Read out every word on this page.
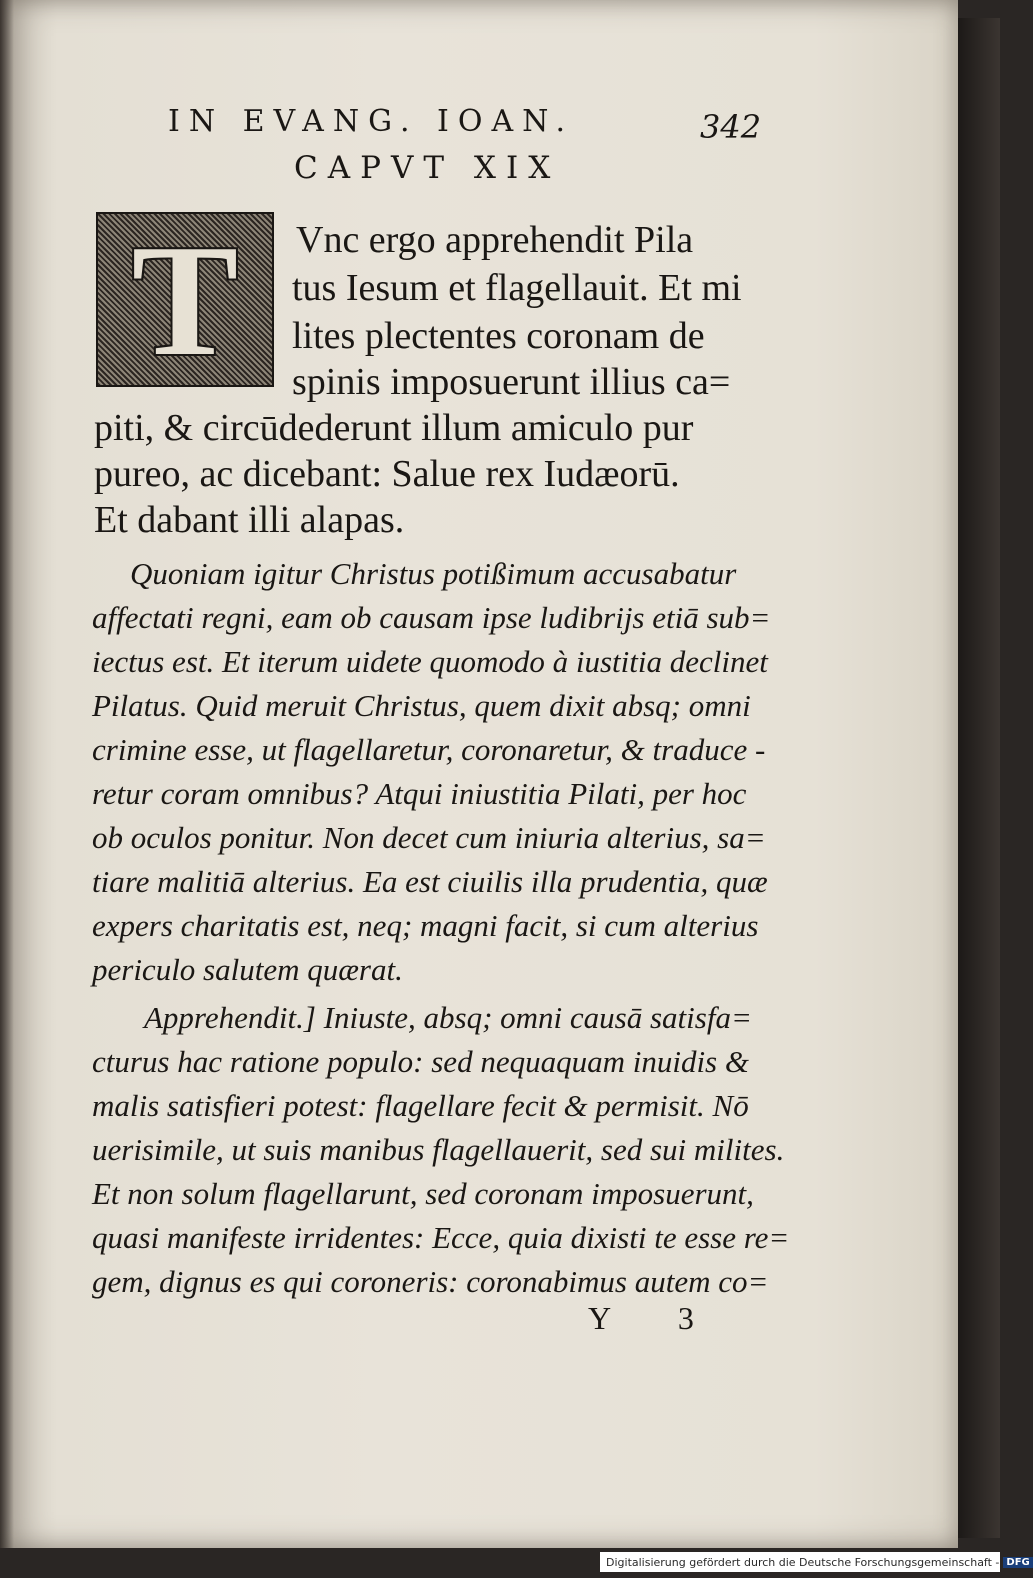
IN EVANG. IOAN.	342
CAPVT XIX
T	Vnc ergo apprehendit Pila
tus Iesum et flagellauit. Et mi
lites plectentes coronam de
spinis imposuerunt illius ca=
piti, & circūdederunt illum amiculo pur
pureo, ac dicebant: Salue rex Iudæorū.
Et dabant illi alapas.
Quoniam igitur Christus potißimum accusabatur
affectati regni, eam ob causam ipse ludibrijs etiā sub=
iectus est. Et iterum uidete quomodo à iustitia declinet
Pilatus. Quid meruit Christus, quem dixit absq; omni
crimine esse, ut flagellaretur, coronaretur, & traduce -
retur coram omnibus? Atqui iniustitia Pilati, per hoc
ob oculos ponitur. Non decet cum iniuria alterius, sa=
tiare malitiā alterius. Ea est ciuilis illa prudentia, quæ
expers charitatis est, neq; magni facit, si cum alterius
periculo salutem quærat.
Apprehendit.] Iniuste, absq; omni causā satisfa=
cturus hac ratione populo: sed nequaquam inuidis &
malis satisfieri potest: flagellare fecit & permisit. Nō
uerisimile, ut suis manibus flagellauerit, sed sui milites.
Et non solum flagellarunt, sed coronam imposuerunt,
quasi manifeste irridentes: Ecce, quia dixisti te esse re=
gem, dignus es qui coroneris: coronabimus autem co=
Y 3
Digitalisierung gefördert durch die Deutsche Forschungsgemeinschaft - DFG
